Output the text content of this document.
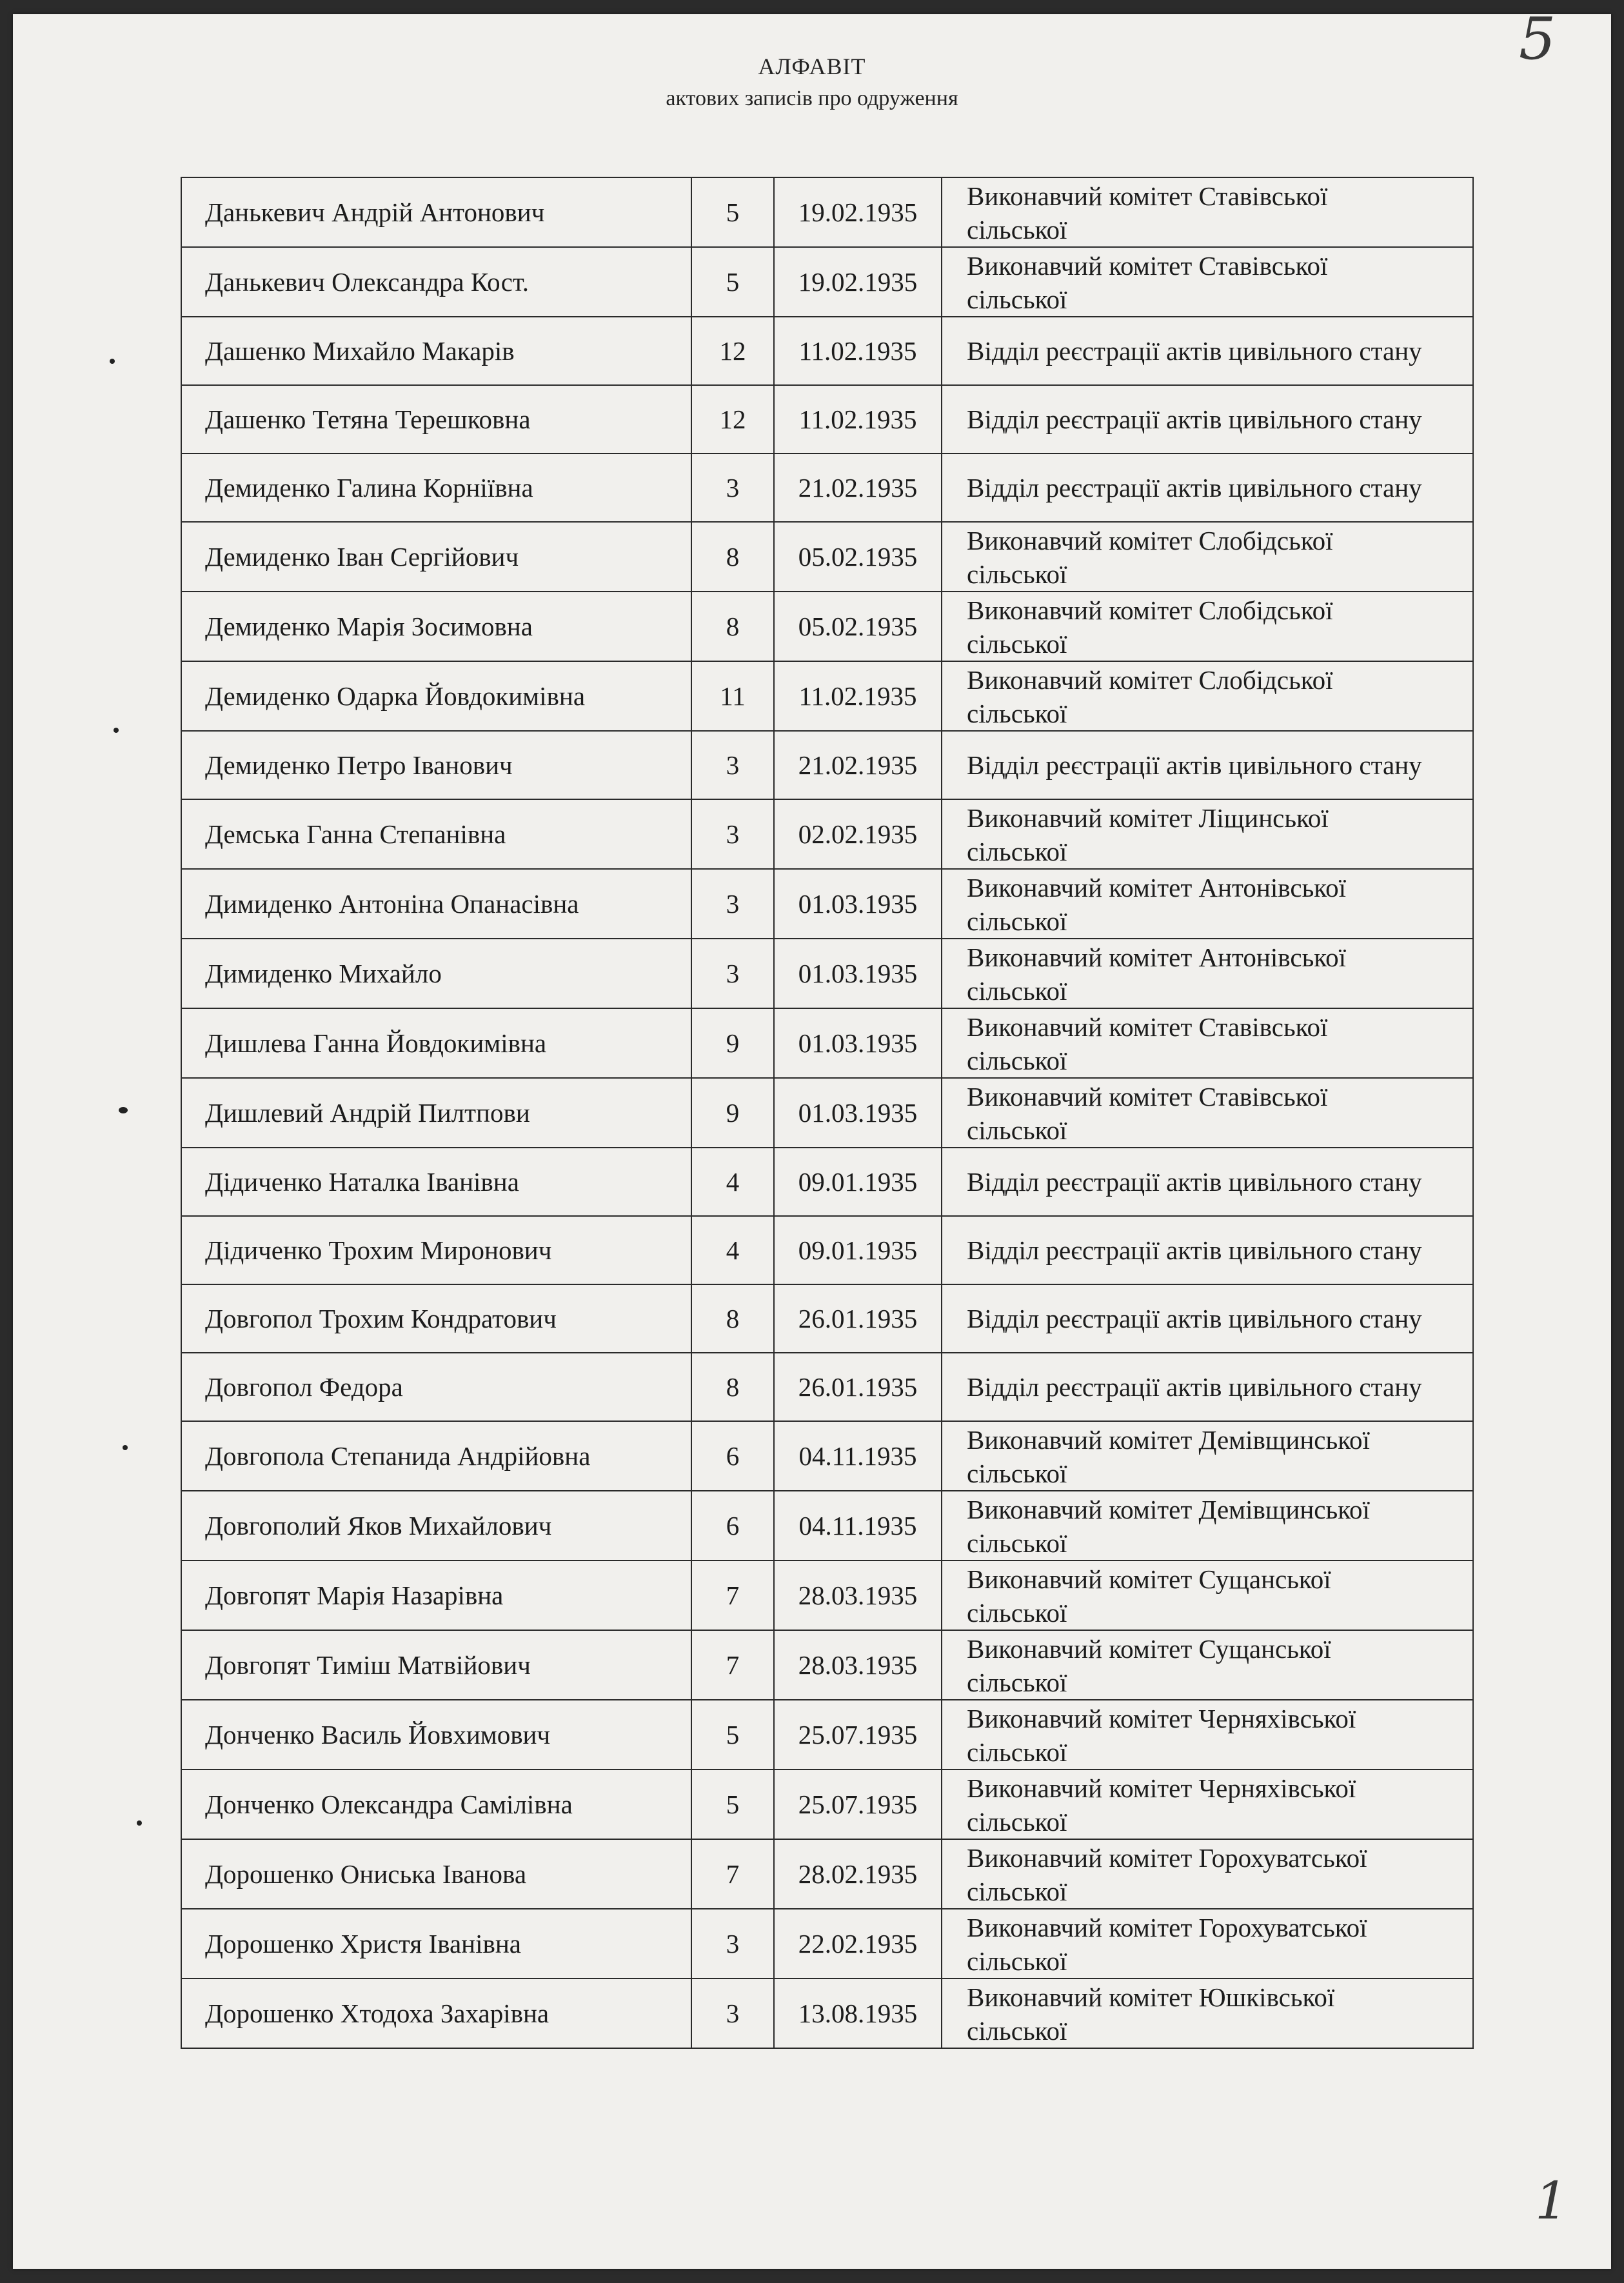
5
АЛФАВІТ
актових записів про одруження
Данькевич Андрій Антонович	5	19.02.1935	Виконавчий комітет Ставівської
сільської

Данькевич Олександра Кост.	5	19.02.1935	Виконавчий комітет Ставівської
сільської

Дашенко Михайло Макарів	12	11.02.1935	Відділ реєстрації актів цивільного стану

Дашенко Тетяна Терешковна	12	11.02.1935	Відділ реєстрації актів цивільного стану

Демиденко Галина Корніївна	3	21.02.1935	Відділ реєстрації актів цивільного стану

Демиденко Іван Сергійович	8	05.02.1935	Виконавчий комітет Слобідської
сільської

Демиденко Марія Зосимовна	8	05.02.1935	Виконавчий комітет Слобідської
сільської

Демиденко Одарка Йовдокимівна	11	11.02.1935	Виконавчий комітет Слобідської
сільської

Демиденко Петро Іванович	3	21.02.1935	Відділ реєстрації актів цивільного стану

Демська Ганна Степанівна	3	02.02.1935	Виконавчий комітет Ліщинської
сільської

Димиденко Антоніна Опанасівна	3	01.03.1935	Виконавчий комітет Антонівської
сільської

Димиденко Михайло	3	01.03.1935	Виконавчий комітет Антонівської
сільської

Дишлева Ганна Йовдокимівна	9	01.03.1935	Виконавчий комітет Ставівської
сільської

Дишлевий Андрій Пилтпови	9	01.03.1935	Виконавчий комітет Ставівської
сільської

Дідиченко Наталка Іванівна	4	09.01.1935	Відділ реєстрації актів цивільного стану

Дідиченко Трохим Миронович	4	09.01.1935	Відділ реєстрації актів цивільного стану

Довгопол Трохим Кондратович	8	26.01.1935	Відділ реєстрації актів цивільного стану

Довгопол Федора	8	26.01.1935	Відділ реєстрації актів цивільного стану

Довгопола Степанида Андрійовна	6	04.11.1935	Виконавчий комітет Демівщинської
сільської

Довгополий Яков Михайлович	6	04.11.1935	Виконавчий комітет Демівщинської
сільської

Довгопят Марія Назарівна	7	28.03.1935	Виконавчий комітет Сущанської
сільської

Довгопят Тиміш Матвійович	7	28.03.1935	Виконавчий комітет Сущанської
сільської

Донченко Василь Йовхимович	5	25.07.1935	Виконавчий комітет Черняхівської
сільської

Донченко Олександра Самілівна	5	25.07.1935	Виконавчий комітет Черняхівської
сільської

Дорошенко Ониська Іванова	7	28.02.1935	Виконавчий комітет Горохуватської
сільської

Дорошенко Христя Іванівна	3	22.02.1935	Виконавчий комітет Горохуватської
сільської

Дорошенко Хтодоха Захарівна	3	13.08.1935	Виконавчий комітет Юшківської
сільської
1
